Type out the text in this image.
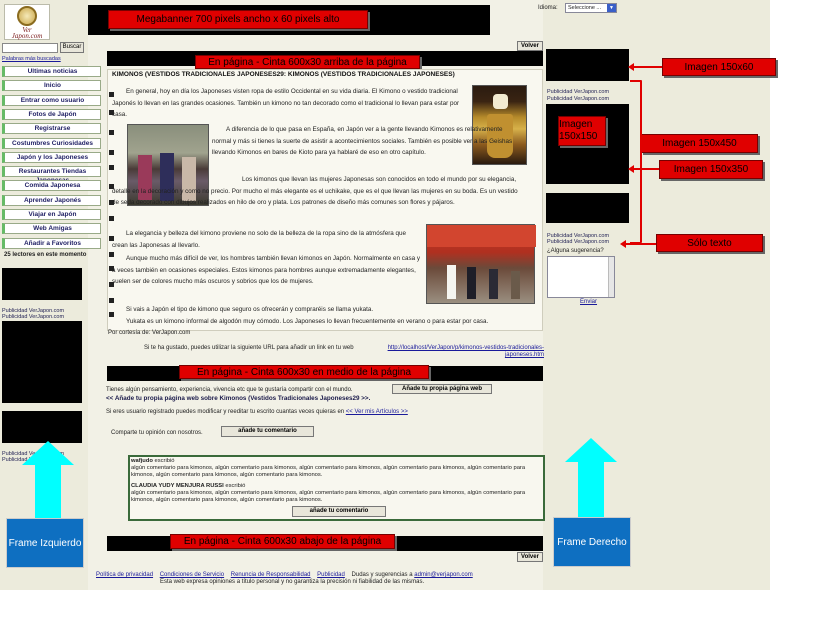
Ver
Japon.com
Buscar
Palabras más buscadas
Ultimas noticias
Inicio
Entrar como usuario
Fotos de Japón
Registrarse
Costumbres Curiosidades
Japón y los Japoneses
Restaurantes Tiendas
Comida Japonesa
Aprender Japonés
Viajar en Japón
Web Amigas
Añadir a Favoritos
25 lectores en este momento
Publicidad VerJapon.com
Publicidad VerJapon.com
Publicidad VerJapon.com
Publicidad VerJapon.com
Megabanner 700 pixels ancho x 60 pixels alto
Idioma:	Seleccione ...	▼
Volver
En página - Cinta 600x30 arriba de la página
KIMONOS (VESTIDOS TRADICIONALES JAPONESES29: KIMONOS (VESTIDOS TRADICIONALES JAPONESES)
En general, hoy en día los Japoneses visten ropa de estilo Occidental en su vida diaria. El Kimono o vestido tradicional Japonés lo llevan en las grandes ocasiones. También un kimono no tan decorado como el tradicional lo llevan para estar por casa.
A diferencia de lo que pasa en España, en Japón ver a la gente llevando Kimonos es relativamente normal y más si tienes la suerte de asistir a acontecimientos sociales. También es posible ver a las Geishas llevando Kimonos en bares de Kioto para ya hablaré de eso en otro capítulo.
Los kimonos que llevan las mujeres Japonesas son conocidos en todo el mundo por su elegancia, detalle en la decoración y como no precio. Por mucho el más elegante es el uchikake, que es el que llevan las mujeres en su boda. Es un vestido de seda decorado con dibujos realizados en hilo de oro y plata. Los patrones de diseño más comunes son flores y pájaros.
La elegancia y belleza del kimono proviene no solo de la belleza de la ropa sino de la atmósfera que crean las Japonesas al llevarlo.
Aunque mucho más difícil de ver, los hombres también llevan kimonos en Japón. Normalmente en casa y a veces también en ocasiones especiales. Estos kimonos para hombres aunque extremadamente elegantes, suelen ser de colores mucho más oscuros y sobrios que los de mujeres.
Si vais a Japón el tipo de kimono que seguro os ofrecerán y compraréis se llama yukata.
Yukata es un kimono informal de algodón muy cómodo. Los Japoneses lo llevan frecuentemente en verano o para estar por casa.
Por cortesía de: VerJapon.com
Si te ha gustado, puedes utilizar la siguiente URL para añadir un link en tu web	http://localhost/VerJapon/p/kimonos-vestidos-tradicionales-japoneses.htm
En página - Cinta 600x30 en medio de la página
Tienes algún pensamiento, experiencia, vivencia etc que te gustaría compartir con el mundo.	Añade tu propia página web
<< Añade tu propia página web sobre Kimonos (Vestidos Tradicionales Japoneses29 >>.
Si eres usuario registrado puedes modificar y reeditar tu escrito cuantas veces quieras en << Ver mis Artículos >>
Comparte tu opinión con nosotros.	añade tu comentario
wafjudo escribió
algún comentario para kimonos, algún comentario para kimonos, algún comentario para kimonos, algún comentario para kimonos, algún comentario para kimonos, algún comentario para kimonos, algún comentario para kimonos.
CLAUDIA YUDY MENJURA RUSSI escribió
algún comentario para kimonos, algún comentario para kimonos, algún comentario para kimonos, algún comentario para kimonos, algún comentario para kimonos, algún comentario para kimonos, algún comentario para kimonos.
añade tu comentario
En página - Cinta 600x30 abajo de la página
Volver
Política de privacidad Condiciones de Servicio Renuncia de Responsabilidad Publicidad Dudas y sugerencias a admin@verjapon.com
Esta web expresa opiniones a título personal y no garantiza la precisión ni fiabilidad de las mismas.
Publicidad VerJapon.com
Publicidad VerJapon.com
Publicidad VerJapon.com
Publicidad VerJapon.com
¿Alguna sugerencia?
Enviar
Imagen 150x60
Imagen 150x150
Imagen 150x450
Imagen 150x350
Sólo texto
Frame Izquierdo	Frame Derecho
